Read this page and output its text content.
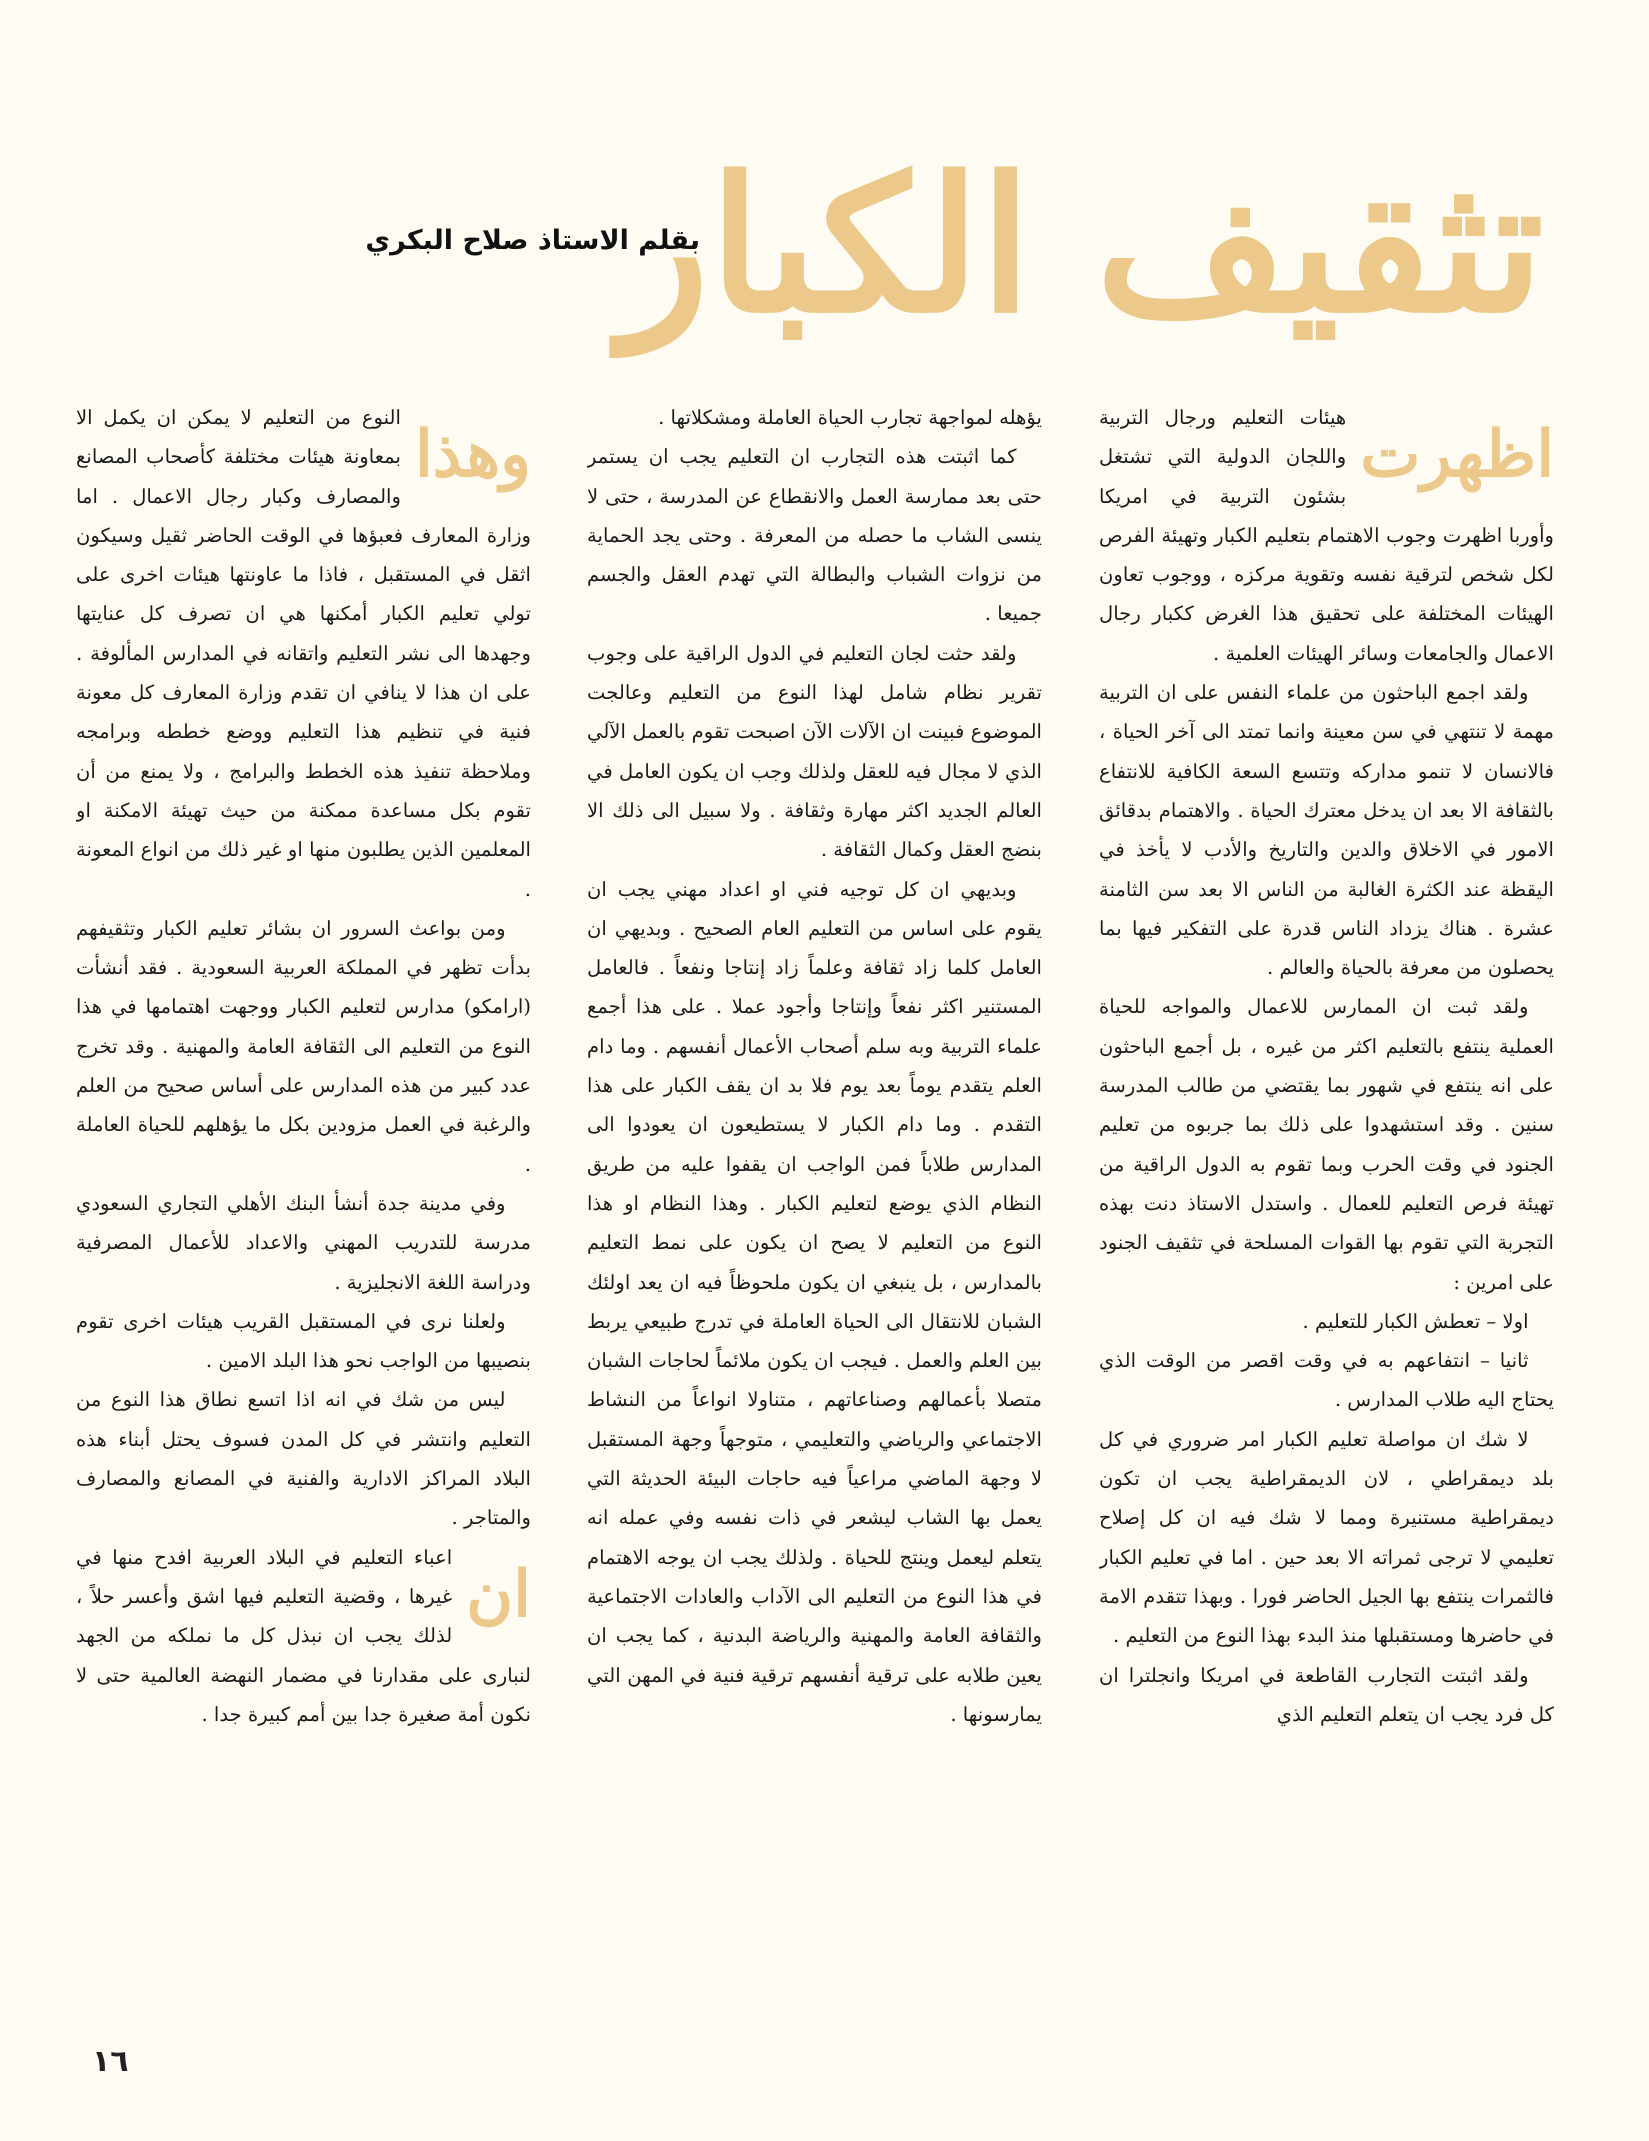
تثقيف الكبار
بقلم الاستاذ صلاح البكري
اظهرت

هيئات التعليم ورجال التربية واللجان الدولية التي تشتغل بشئون التربية في امريكا وأوربا اظهرت وجوب الاهتمام بتعليم الكبار وتهيئة الفرص لكل شخص لترقية نفسه وتقوية مركزه ، ووجوب تعاون الهيئات المختلفة على تحقيق هذا الغرض ككبار رجال الاعمال والجامعات وسائر الهيئات العلمية .

ولقد اجمع الباحثون من علماء النفس على ان التربية مهمة لا تنتهي في سن معينة وانما تمتد الى آخر الحياة ، فالانسان لا تنمو مداركه وتتسع السعة الكافية للانتفاع بالثقافة الا بعد ان يدخل معترك الحياة . والاهتمام بدقائق الامور في الاخلاق والدين والتاريخ والأدب لا يأخذ في اليقظة عند الكثرة الغالبة من الناس الا بعد سن الثامنة عشرة . هناك يزداد الناس قدرة على التفكير فيها بما يحصلون من معرفة بالحياة والعالم .

ولقد ثبت ان الممارس للاعمال والمواجه للحياة العملية ينتفع بالتعليم اكثر من غيره ، بل أجمع الباحثون على انه ينتفع في شهور بما يقتضي من طالب المدرسة سنين . وقد استشهدوا على ذلك بما جربوه من تعليم الجنود في وقت الحرب وبما تقوم به الدول الراقية من تهيئة فرص التعليم للعمال . واستدل الاستاذ دنت بهذه التجربة التي تقوم بها القوات المسلحة في تثقيف الجنود على امرين :

اولا – تعطش الكبار للتعليم .

ثانيا – انتفاعهم به في وقت اقصر من الوقت الذي يحتاج اليه طلاب المدارس .

لا شك ان مواصلة تعليم الكبار امر ضروري في كل بلد ديمقراطي ، لان الديمقراطية يجب ان تكون ديمقراطية مستنيرة ومما لا شك فيه ان كل إصلاح تعليمي لا ترجى ثمراته الا بعد حين . اما في تعليم الكبار فالثمرات ينتفع بها الجيل الحاضر فورا . وبهذا تتقدم الامة في حاضرها ومستقبلها منذ البدء بهذا النوع من التعليم .

ولقد اثبتت التجارب القاطعة في امريكا وانجلترا ان كل فرد يجب ان يتعلم التعليم الذي

يؤهله لمواجهة تجارب الحياة العاملة ومشكلاتها .

كما اثبتت هذه التجارب ان التعليم يجب ان يستمر حتى بعد ممارسة العمل والانقطاع عن المدرسة ، حتى لا ينسى الشاب ما حصله من المعرفة . وحتى يجد الحماية من نزوات الشباب والبطالة التي تهدم العقل والجسم جميعا .

ولقد حثت لجان التعليم في الدول الراقية على وجوب تقرير نظام شامل لهذا النوع من التعليم وعالجت الموضوع فبينت ان الآلات الآن اصبحت تقوم بالعمل الآلي الذي لا مجال فيه للعقل ولذلك وجب ان يكون العامل في العالم الجديد اكثر مهارة وثقافة . ولا سبيل الى ذلك الا بنضج العقل وكمال الثقافة .

وبديهي ان كل توجيه فني او اعداد مهني يجب ان يقوم على اساس من التعليم العام الصحيح . وبديهي ان العامل كلما زاد ثقافة وعلماً زاد إنتاجا ونفعاً . فالعامل المستنير اكثر نفعاً وإنتاجا وأجود عملا . على هذا أجمع علماء التربية وبه سلم أصحاب الأعمال أنفسهم . وما دام العلم يتقدم يوماً بعد يوم فلا بد ان يقف الكبار على هذا التقدم . وما دام الكبار لا يستطيعون ان يعودوا الى المدارس طلاباً فمن الواجب ان يقفوا عليه من طريق النظام الذي يوضع لتعليم الكبار . وهذا النظام او هذا النوع من التعليم لا يصح ان يكون على نمط التعليم بالمدارس ، بل ينبغي ان يكون ملحوظاً فيه ان يعد اولئك الشبان للانتقال الى الحياة العاملة في تدرج طبيعي يربط بين العلم والعمل . فيجب ان يكون ملائماً لحاجات الشبان متصلا بأعمالهم وصناعاتهم ، متناولا انواعاً من النشاط الاجتماعي والرياضي والتعليمي ، متوجهاً وجهة المستقبل لا وجهة الماضي مراعياً فيه حاجات البيئة الحديثة التي يعمل بها الشاب ليشعر في ذات نفسه وفي عمله انه يتعلم ليعمل وينتج للحياة . ولذلك يجب ان يوجه الاهتمام في هذا النوع من التعليم الى الآداب والعادات الاجتماعية والثقافة العامة والمهنية والرياضة البدنية ، كما يجب ان يعين طلابه على ترقية أنفسهم ترقية فنية في المهن التي يمارسونها .

وهذا

النوع من التعليم لا يمكن ان يكمل الا بمعاونة هيئات مختلفة كأصحاب المصانع والمصارف وكبار رجال الاعمال . اما وزارة المعارف فعبؤها في الوقت الحاضر ثقيل وسيكون اثقل في المستقبل ، فاذا ما عاونتها هيئات اخرى على تولي تعليم الكبار أمكنها هي ان تصرف كل عنايتها وجهدها الى نشر التعليم واتقانه في المدارس المألوفة . على ان هذا لا ينافي ان تقدم وزارة المعارف كل معونة فنية في تنظيم هذا التعليم ووضع خططه وبرامجه وملاحظة تنفيذ هذه الخطط والبرامج ، ولا يمنع من أن تقوم بكل مساعدة ممكنة من حيث تهيئة الامكنة او المعلمين الذين يطلبون منها او غير ذلك من انواع المعونة .

ومن بواعث السرور ان بشائر تعليم الكبار وتثقيفهم بدأت تظهر في المملكة العربية السعودية . فقد أنشأت (ارامكو) مدارس لتعليم الكبار ووجهت اهتمامها في هذا النوع من التعليم الى الثقافة العامة والمهنية . وقد تخرج عدد كبير من هذه المدارس على أساس صحيح من العلم والرغبة في العمل مزودين بكل ما يؤهلهم للحياة العاملة .

وفي مدينة جدة أنشأ البنك الأهلي التجاري السعودي مدرسة للتدريب المهني والاعداد للأعمال المصرفية ودراسة اللغة الانجليزية .

ولعلنا نرى في المستقبل القريب هيئات اخرى تقوم بنصيبها من الواجب نحو هذا البلد الامين .

ليس من شك في انه اذا اتسع نطاق هذا النوع من التعليم وانتشر في كل المدن فسوف يحتل أبناء هذه البلاد المراكز الادارية والفنية في المصانع والمصارف والمتاجر .

ان

اعباء التعليم في البلاد العربية افدح منها في غيرها ، وقضية التعليم فيها اشق وأعسر حلاً ، لذلك يجب ان نبذل كل ما نملكه من الجهد لنبارى على مقدارنا في مضمار النهضة العالمية حتى لا نكون أمة صغيرة جدا بين أمم كبيرة جدا .

١٦
